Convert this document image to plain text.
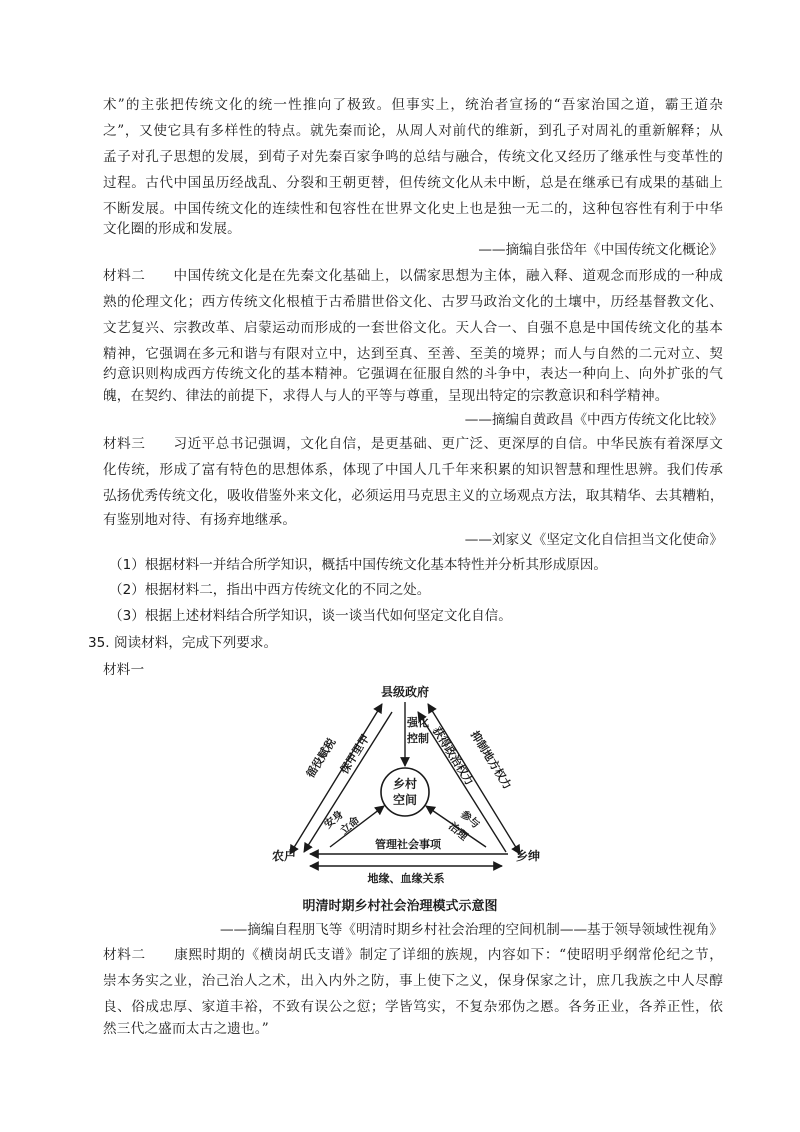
术”的主张把传统文化的统一性推向了极致。但事实上，统治者宣扬的“吾家治国之道，霸王道杂
之”，又使它具有多样性的特点。就先秦而论，从周人对前代的维新，到孔子对周礼的重新解释；从
孟子对孔子思想的发展，到荀子对先秦百家争鸣的总结与融合，传统文化又经历了继承性与变革性的
过程。古代中国虽历经战乱、分裂和王朝更替，但传统文化从未中断，总是在继承已有成果的基础上
不断发展。中国传统文化的连续性和包容性在世界文化史上也是独一无二的，这种包容性有利于中华
文化圈的形成和发展。
——摘编自张岱年《中国传统文化概论》
材料二　　中国传统文化是在先秦文化基础上，以儒家思想为主体，融入释、道观念而形成的一种成
熟的伦理文化；西方传统文化根植于古希腊世俗文化、古罗马政治文化的土壤中，历经基督教文化、
文艺复兴、宗教改革、启蒙运动而形成的一套世俗文化。天人合一、自强不息是中国传统文化的基本
精神，它强调在多元和谐与有限对立中，达到至真、至善、至美的境界；而人与自然的二元对立、契
约意识则构成西方传统文化的基本精神。它强调在征服自然的斗争中，表达一种向上、向外扩张的气
魄，在契约、律法的前提下，求得人与人的平等与尊重，呈现出特定的宗教意识和科学精神。
——摘编自黄政昌《中西方传统文化比较》
材料三　　习近平总书记强调，文化自信，是更基础、更广泛、更深厚的自信。中华民族有着深厚文
化传统，形成了富有特色的思想体系，体现了中国人几千年来积累的知识智慧和理性思辨。我们传承
弘扬优秀传统文化，吸收借鉴外来文化，必须运用马克思主义的立场观点方法，取其精华、去其糟粕，
有鉴别地对待、有扬弃地继承。
——刘家义《坚定文化自信担当文化使命》
（1）根据材料一并结合所学知识，概括中国传统文化基本特性并分析其形成原因。
（2）根据材料二，指出中西方传统文化的不同之处。
（3）根据上述材料结合所学知识，谈一谈当代如何坚定文化自信。
35. 阅读材料，完成下列要求。
材料一
县级政府
农户	乡绅
乡村
空间
强化
控制
徭役赋税 保甲里甲	抑制地方权力
获得政治权力
安身
立命	参与
治理
管理社会事项
地缘、血缘关系
明清时期乡村社会治理模式示意图
——摘编自程朋飞等《明清时期乡村社会治理的空间机制——基于领导领域性视角》
材料二　　康熙时期的《横岗胡氏支谱》制定了详细的族规，内容如下：“使昭明乎纲常伦纪之节，
崇本务实之业，治己治人之术，出入内外之防，事上使下之义，保身保家之计，庶几我族之中人尽醇
良、俗成忠厚、家道丰裕，不致有误公之愆；学皆笃实，不复杂邪伪之慝。各务正业，各养正性，依
然三代之盛而太古之遗也。”
